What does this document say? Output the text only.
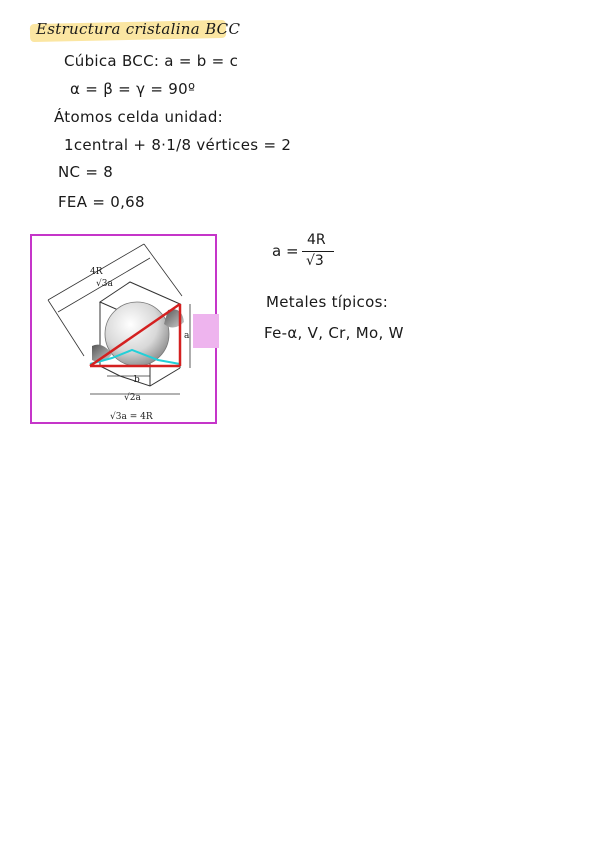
Estructura cristalina BCC
Cúbica BCC: a = b = c
α = β = γ = 90º
Átomos celda unidad:
1central + 8·1/8 vértices = 2
NC = 8
FEA = 0,68
4R
√3a
a
b
√2a
√3a = 4R
a =
4R
√3
Metales típicos:
Fe-α, V, Cr, Mo, W
